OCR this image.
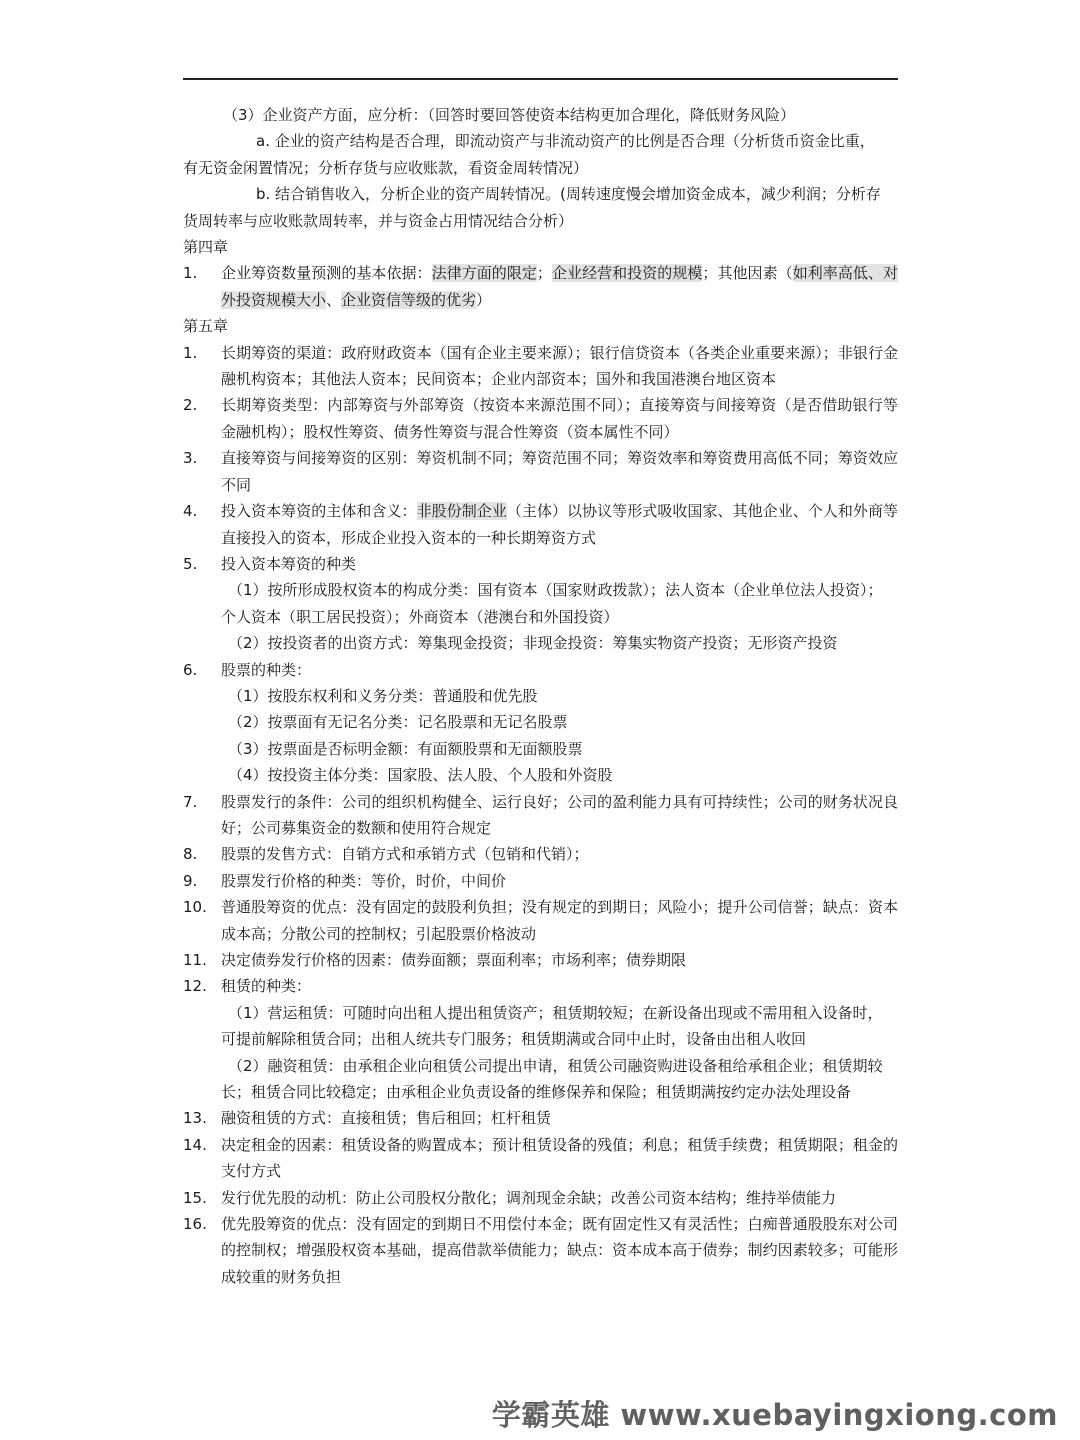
（3）企业资产方面，应分析：（回答时要回答使资本结构更加合理化，降低财务风险）
a. 企业的资产结构是否合理，即流动资产与非流动资产的比例是否合理（分析货币资金比重，
有无资金闲置情况；分析存货与应收账款，看资金周转情况）
b. 结合销售收入，分析企业的资产周转情况。(周转速度慢会增加资金成本，减少利润；分析存
货周转率与应收账款周转率，并与资金占用情况结合分析）
第四章
1.	企业筹资数量预测的基本依据：法律方面的限定；企业经营和投资的规模；其他因素（如利率高低、对外投资规模大小、企业资信等级的优劣）
第五章
1.	长期筹资的渠道：政府财政资本（国有企业主要来源）；银行信贷资本（各类企业重要来源）；非银行金融机构资本；其他法人资本；民间资本；企业内部资本；国外和我国港澳台地区资本
2.	长期筹资类型：内部筹资与外部筹资（按资本来源范围不同）；直接筹资与间接筹资（是否借助银行等金融机构）；股权性筹资、债务性筹资与混合性筹资（资本属性不同）
3.	直接筹资与间接筹资的区别：筹资机制不同；筹资范围不同；筹资效率和筹资费用高低不同；筹资效应不同
4.	投入资本筹资的主体和含义：非股份制企业（主体）以协议等形式吸收国家、其他企业、个人和外商等直接投入的资本，形成企业投入资本的一种长期筹资方式
5.	投入资本筹资的种类
（1）按所形成股权资本的构成分类：国有资本（国家财政拨款）；法人资本（企业单位法人投资）；
个人资本（职工居民投资）；外商资本（港澳台和外国投资）
（2）按投资者的出资方式：筹集现金投资；非现金投资：筹集实物资产投资；无形资产投资
6.	股票的种类：
（1）按股东权利和义务分类：普通股和优先股
（2）按票面有无记名分类：记名股票和无记名股票
（3）按票面是否标明金额：有面额股票和无面额股票
（4）按投资主体分类：国家股、法人股、个人股和外资股
7.	股票发行的条件：公司的组织机构健全、运行良好；公司的盈利能力具有可持续性；公司的财务状况良好；公司募集资金的数额和使用符合规定
8.	股票的发售方式：自销方式和承销方式（包销和代销）；
9.	股票发行价格的种类：等价，时价，中间价
10. 普通股筹资的优点：没有固定的鼓股利负担；没有规定的到期日；风险小；提升公司信誉；缺点：资本成本高；分散公司的控制权；引起股票价格波动
11. 决定债券发行价格的因素：债券面额；票面利率；市场利率；债券期限
12. 租赁的种类：
（1）营运租赁：可随时向出租人提出租赁资产；租赁期较短；在新设备出现或不需用租入设备时，
可提前解除租赁合同；出租人统共专门服务；租赁期满或合同中止时，设备由出租人收回
（2）融资租赁：由承租企业向租赁公司提出申请，租赁公司融资购进设备租给承租企业；租赁期较
长；租赁合同比较稳定；由承租企业负责设备的维修保养和保险；租赁期满按约定办法处理设备
13. 融资租赁的方式：直接租赁；售后租回；杠杆租赁
14. 决定租金的因素：租赁设备的购置成本；预计租赁设备的残值；利息；租赁手续费；租赁期限；租金的支付方式
15. 发行优先股的动机：防止公司股权分散化；调剂现金余缺；改善公司资本结构；维持举债能力
16. 优先股筹资的优点：没有固定的到期日不用偿付本金；既有固定性又有灵活性；白痴普通股股东对公司的控制权；增强股权资本基础，提高借款举债能力；缺点：资本成本高于债券；制约因素较多；可能形成较重的财务负担
学霸英雄 www.xuebayingxiong.com
